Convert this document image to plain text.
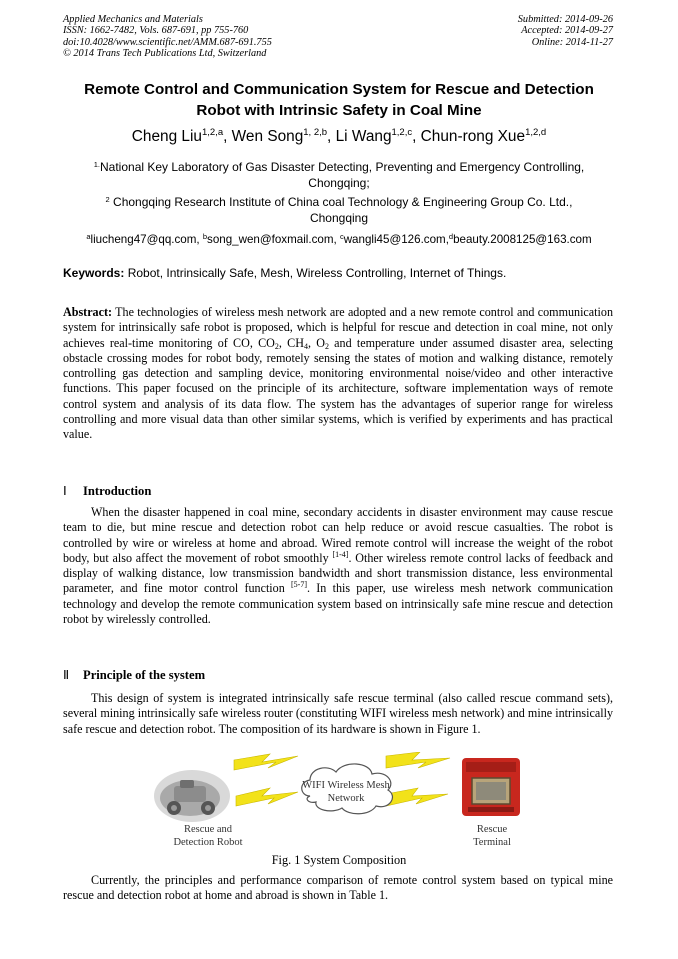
Applied Mechanics and Materials
ISSN: 1662-7482, Vols. 687-691, pp 755-760
doi:10.4028/www.scientific.net/AMM.687-691.755
© 2014 Trans Tech Publications Ltd, Switzerland
Submitted: 2014-09-26
Accepted: 2014-09-27
Online: 2014-11-27
Remote Control and Communication System for Rescue and Detection
Robot with Intrinsic Safety in Coal Mine
Cheng Liu$^{1,2,a}$, Wen Song$^{1, 2,b}$, Li Wang$^{1,2,c}$, Chun-rong Xue$^{1,2,d}$
$^{1.}$National Key Laboratory of Gas Disaster Detecting, Preventing and Emergency Controlling,
Chongqing;
$^2$ Chongqing Research Institute of China coal Technology & Engineering Group Co. Ltd.,
Chongqing
$^a$liucheng47@qq.com, $^b$song_wen@foxmail.com, $^c$wangli45@126.com,$^d$beauty.2008125@163.com
Keywords: Robot, Intrinsically Safe, Mesh, Wireless Controlling, Internet of Things.
Abstract: The technologies of wireless mesh network are adopted and a new remote control and communication system for intrinsically safe robot is proposed, which is helpful for rescue and detection in coal mine, not only achieves real-time monitoring of CO, $CO_2$, $CH_4$, $O_2$ and temperature under assumed disaster area, selecting obstacle crossing modes for robot body, remotely sensing the states of motion and walking distance, remotely controlling gas detection and sampling device, monitoring environmental noise/video and other interactive functions. This paper focused on the principle of its architecture, software implementation ways of remote control system and analysis of its data flow. The system has the advantages of superior range for wireless controlling and more visual data than other similar systems, which is verified by experiments and has practical value.
Ⅰ Introduction
When the disaster happened in coal mine, secondary accidents in disaster environment may cause rescue team to die, but mine rescue and detection robot can help reduce or avoid rescue casualties. The robot is controlled by wire or wireless at home and abroad. Wired remote control will increase the weight of the robot body, but also affect the movement of robot smoothly [1-4]. Other wireless remote control lacks of feedback and display of walking distance, low transmission bandwidth and short transmission distance, less environmental parameter, and fine motor control function [5-7]. In this paper, use wireless mesh network communication technology and develop the remote communication system based on intrinsically safe mine rescue and detection robot by wirelessly controlled.
Ⅱ Principle of the system
This design of system is integrated intrinsically safe rescue terminal (also called rescue command sets), several mining intrinsically safe wireless router (constituting WIFI wireless mesh network) and mine intrinsically safe rescue and detection robot. The composition of its hardware is shown in Figure 1.
Rescue and
Detection Robot
WIFI Wireless Mesh
Network
Rescue
Terminal
Fig. 1 System Composition
Currently, the principles and performance comparison of remote control system based on typical mine rescue and detection robot at home and abroad is shown in Table 1.
